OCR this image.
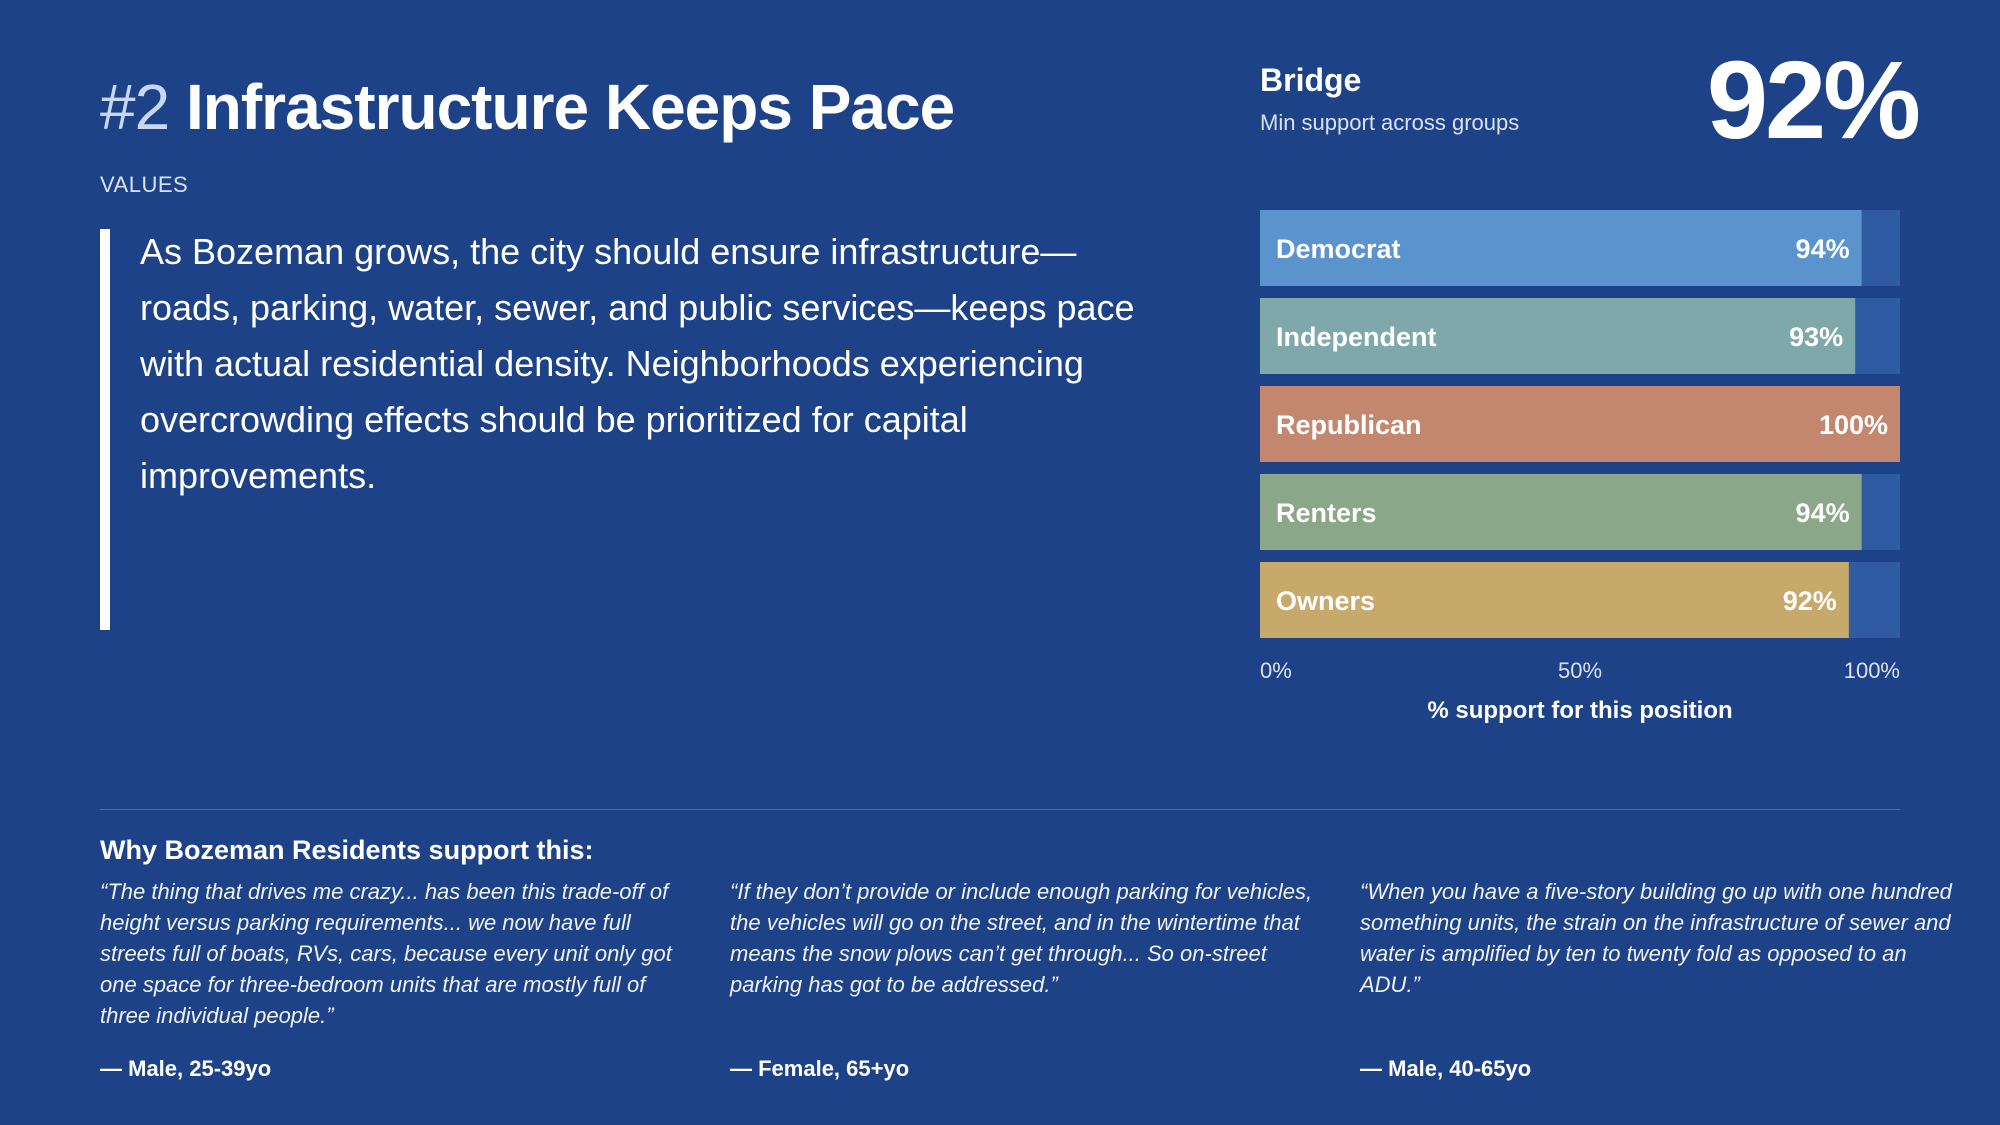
#2 Infrastructure Keeps Pace
VALUES
As Bozeman grows, the city should ensure infrastructure—roads, parking, water, sewer, and public services—keeps pace with actual residential density. Neighborhoods experiencing overcrowding effects should be prioritized for capital improvements.
Bridge
Min support across groups 92%
Democrat	94%
Independent	93%
Republican	100%
Renters	94%
Owners	92%
0%	50%	100%
% support for this position
Why Bozeman Residents support this:
“The thing that drives me crazy... has been this trade-off of height versus parking requirements... we now have full streets full of boats, RVs, cars, because every unit only got one space for three-bedroom units that are mostly full of three individual people.”
“If they don’t provide or include enough parking for vehicles, the vehicles will go on the street, and in the wintertime that means the snow plows can’t get through... So on-street parking has got to be addressed.”
“When you have a five-story building go up with one hundred something units, the strain on the infrastructure of sewer and water is amplified by ten to twenty fold as opposed to an ADU.”
— Male, 25-39yo	— Female, 65+yo	— Male, 40-65yo
